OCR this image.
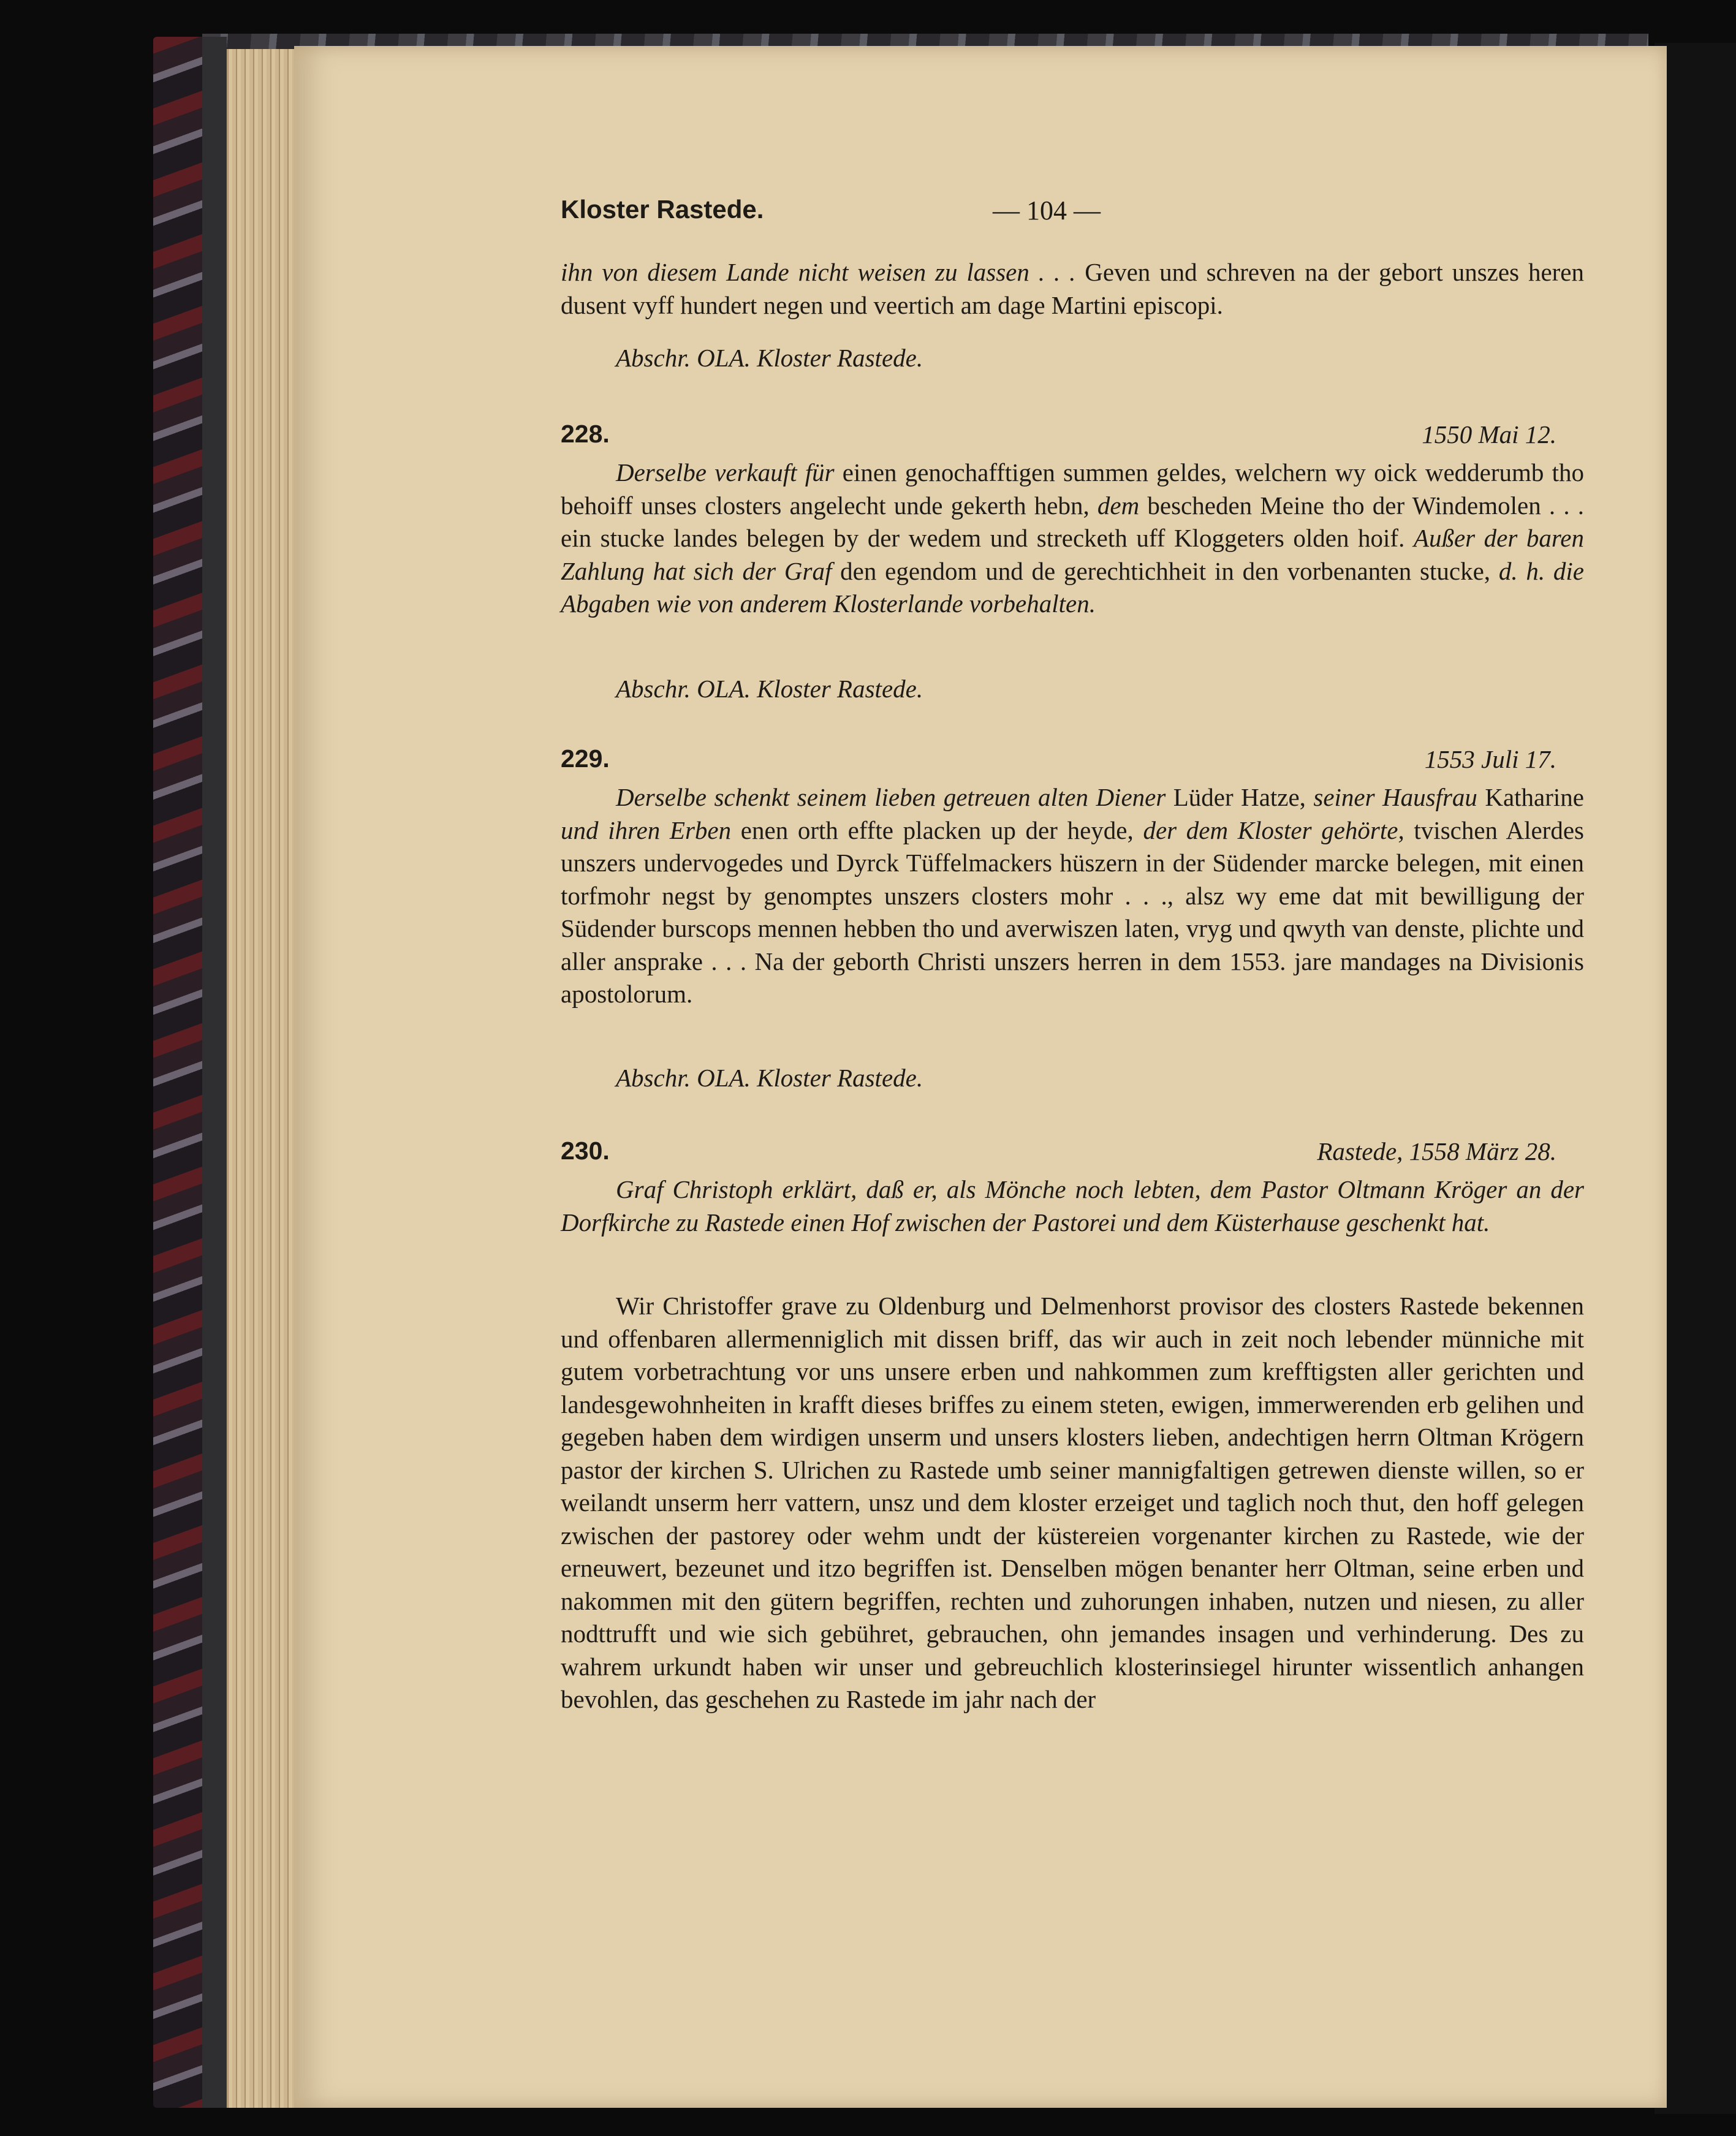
Kloster Rastede.	— 104 —

ihn von diesem Lande nicht weisen zu lassen . . . Geven und schreven na der gebort unszes heren dusent vyff hundert negen und veertich am dage Martini episcopi.

Abschr. OLA. Kloster Rastede.
228.	1550 Mai 12.

Derselbe verkauft für einen genochafftigen summen geldes, welchern wy oick wedderumb tho behoiff unses closters angelecht unde gekerth hebn, dem bescheden Meine tho der Windemolen . . . ein stucke landes belegen by der wedem und strecketh uff Kloggeters olden hoif. Außer der baren Zahlung hat sich der Graf den egendom und de gerechtichheit in den vorbenanten stucke, d. h. die Abgaben wie von anderem Klosterlande vorbehalten.

Abschr. OLA. Kloster Rastede.
229.	1553 Juli 17.

Derselbe schenkt seinem lieben getreuen alten Diener Lüder Hatze, seiner Hausfrau Katharine und ihren Erben enen orth effte placken up der heyde, der dem Kloster gehörte, tvischen Alerdes unszers undervogedes und Dyrck Tüffelmackers hüszern in der Südender marcke belegen, mit einen torfmohr negst by genomptes unszers closters mohr . . ., alsz wy eme dat mit bewilligung der Südender burscops mennen hebben tho und averwiszen laten, vryg und qwyth van denste, plichte und aller ansprake . . . Na der geborth Christi unszers herren in dem 1553. jare mandages na Divisionis apostolorum.

Abschr. OLA. Kloster Rastede.
230.	Rastede, 1558 März 28.

Graf Christoph erklärt, daß er, als Mönche noch lebten, dem Pastor Oltmann Kröger an der Dorfkirche zu Rastede einen Hof zwischen der Pastorei und dem Küsterhause geschenkt hat.

Wir Christoffer grave zu Oldenburg und Delmenhorst provisor des closters Rastede bekennen und offenbaren allermenniglich mit dissen briff, das wir auch in zeit noch lebender münniche mit gutem vorbetrachtung vor uns unsere erben und nahkommen zum krefftigsten aller gerichten und landesgewohnheiten in krafft dieses briffes zu einem steten, ewigen, immerwerenden erb gelihen und gegeben haben dem wirdigen unserm und unsers klosters lieben, andechtigen herrn Oltman Krögern pastor der kirchen S. Ulrichen zu Rastede umb seiner mannigfaltigen getrewen dienste willen, so er weilandt unserm herr vattern, unsz und dem kloster erzeiget und taglich noch thut, den hoff gelegen zwischen der pastorey oder wehm undt der küstereien vorgenanter kirchen zu Rastede, wie der erneuwert, bezeunet und itzo begriffen ist. Denselben mögen benanter herr Oltman, seine erben und nakommen mit den gütern begriffen, rechten und zuhorungen inhaben, nutzen und niesen, zu aller nodttrufft und wie sich gebühret, gebrauchen, ohn jemandes insagen und verhinderung. Des zu wahrem urkundt haben wir unser und gebreuchlich klosterinsiegel hirunter wissentlich anhangen bevohlen, das geschehen zu Rastede im jahr nach der
